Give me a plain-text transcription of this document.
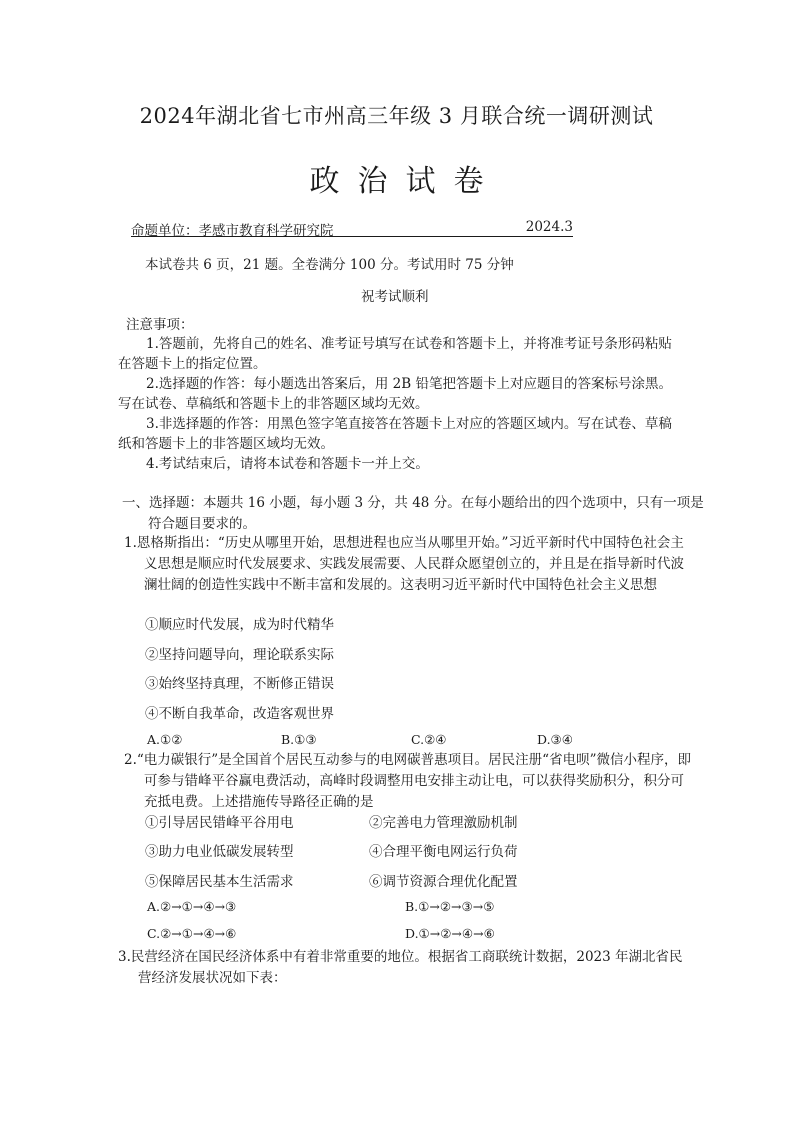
2024年湖北省七市州高三年级 3 月联合统一调研测试
政治试卷
命题单位：孝感市教育科学研究院	2024.3
本试卷共 6 页，21 题。全卷满分 100 分。考试用时 75 分钟
祝考试顺利
注意事项：
1.答题前，先将自己的姓名、准考证号填写在试卷和答题卡上，并将准考证号条形码粘贴在答题卡上的指定位置。
2.选择题的作答：每小题选出答案后，用 2B 铅笔把答题卡上对应题目的答案标号涂黑。写在试卷、草稿纸和答题卡上的非答题区域均无效。
3.非选择题的作答：用黑色签字笔直接答在答题卡上对应的答题区域内。写在试卷、草稿纸和答题卡上的非答题区域均无效。
4.考试结束后，请将本试卷和答题卡一并上交。
一、选择题：本题共 16 小题，每小题 3 分，共 48 分。在每小题给出的四个选项中，只有一项是符合题目要求的。
1.恩格斯指出：“历史从哪里开始，思想进程也应当从哪里开始。”习近平新时代中国特色社会主义思想是顺应时代发展要求、实践发展需要、人民群众愿望创立的，并且是在指导新时代波澜壮阔的创造性实践中不断丰富和发展的。这表明习近平新时代中国特色社会主义思想
①顺应时代发展，成为时代精华
②坚持问题导向，理论联系实际
③始终坚持真理，不断修正错误
④不断自我革命，改造客观世界
A.①②	B.①③	C.②④	D.③④
2.“电力碳银行”是全国首个居民互动参与的电网碳普惠项目。居民注册“省电呗”微信小程序，即可参与错峰平谷赢电费活动，高峰时段调整用电安排主动让电，可以获得奖励积分，积分可充抵电费。上述措施传导路径正确的是
①引导居民错峰平谷用电	②完善电力管理激励机制
③助力电业低碳发展转型	④合理平衡电网运行负荷
⑤保障居民基本生活需求	⑥调节资源合理优化配置
A.②→①→④→③	B.①→②→③→⑤
C.②→①→④→⑥	D.①→②→④→⑥
3.民营经济在国民经济体系中有着非常重要的地位。根据省工商联统计数据，2023 年湖北省民营经济发展状况如下表：
